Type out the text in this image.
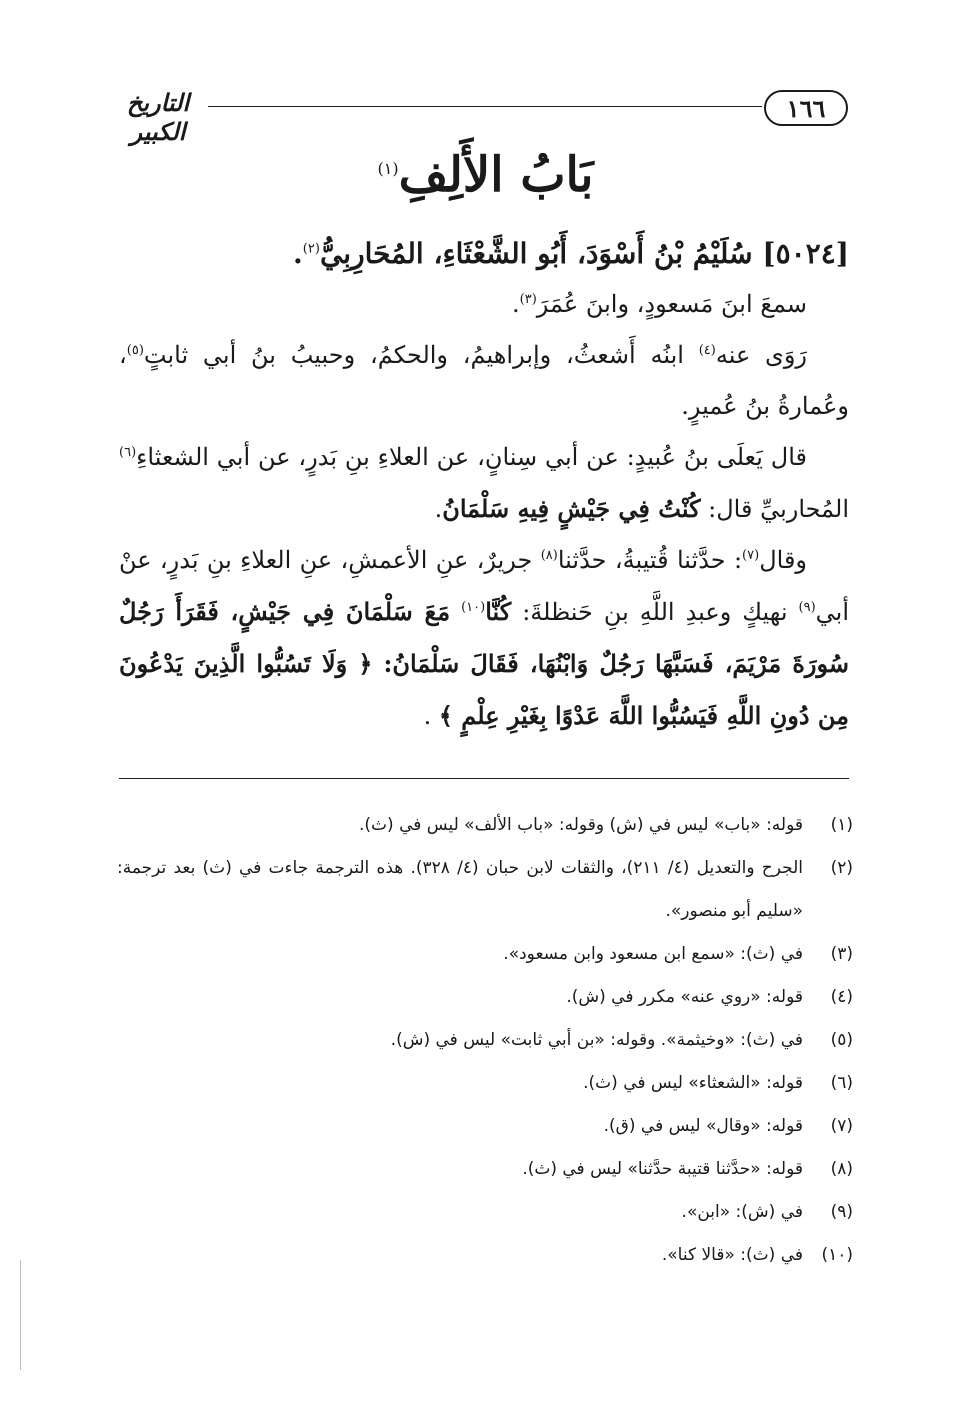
١٦٦
التاريخ الكبير
بَابُ الأَلِفِ$^{(١)}$

[٥٠٢٤] سُلَيْمُ بْنُ أَسْوَدَ، أَبُو الشَّعْثَاءِ، المُحَارِبِيُّ$^{(٢)}$.

سمعَ ابنَ مَسعودٍ، وابنَ عُمَرَ$^{(٣)}$.

رَوَى عنه$^{(٤)}$ ابنُه أَشعثُ، وإبراهيمُ، والحكمُ، وحبيبُ بنُ أبي ثابتٍ$^{(٥)}$، وعُمارةُ بنُ عُميرٍ.

قال يَعلَى بنُ عُبيدٍ: عن أبي سِنانٍ، عن العلاءِ بنِ بَدرٍ، عن أبي الشعثاءِ$^{(٦)}$ المُحاربيِّ قال: كُنْتُ فِي جَيْشٍ فِيهِ سَلْمَانُ.

وقال$^{(٧)}$: حدَّثنا قُتيبةُ، حدَّثنا$^{(٨)}$ جريرٌ، عنِ الأعمشِ، عنِ العلاءِ بنِ بَدرٍ، عنْ أبي$^{(٩)}$ نهيكٍ وعبدِ اللَّهِ بنِ حَنظلةَ: كُنَّا$^{(١٠)}$ مَعَ سَلْمَانَ فِي جَيْشٍ، فَقَرَأَ رَجُلٌ سُورَةَ مَرْيَمَ، فَسَبَّهَا رَجُلٌ وَابْنُهَا، فَقَالَ سَلْمَانُ: ﴿ وَلَا تَسُبُّوا الَّذِينَ يَدْعُونَ مِن دُونِ اللَّهِ فَيَسُبُّوا اللَّهَ عَدْوًا بِغَيْرِ عِلْمٍ ﴾ .

(١)
قوله: «باب» ليس في (ش) وقوله: «باب الألف» ليس في (ث).
(٢)
الجرح والتعديل (٤/ ٢١١)، والثقات لابن حبان (٤/ ٣٢٨). هذه الترجمة جاءت في (ث) بعد ترجمة: «سليم أبو منصور».
(٣)
في (ث): «سمع ابن مسعود وابن مسعود».
(٤)
قوله: «روي عنه» مكرر في (ش).
(٥)
في (ث): «وخيثمة». وقوله: «بن أبي ثابت» ليس في (ش).
(٦)
قوله: «الشعثاء» ليس في (ث).
(٧)
قوله: «وقال» ليس في (ق).
(٨)
قوله: «حدَّثنا قتيبة حدَّثنا» ليس في (ث).
(٩)
في (ش): «ابن».
(١٠)
في (ث): «قالا كنا».
